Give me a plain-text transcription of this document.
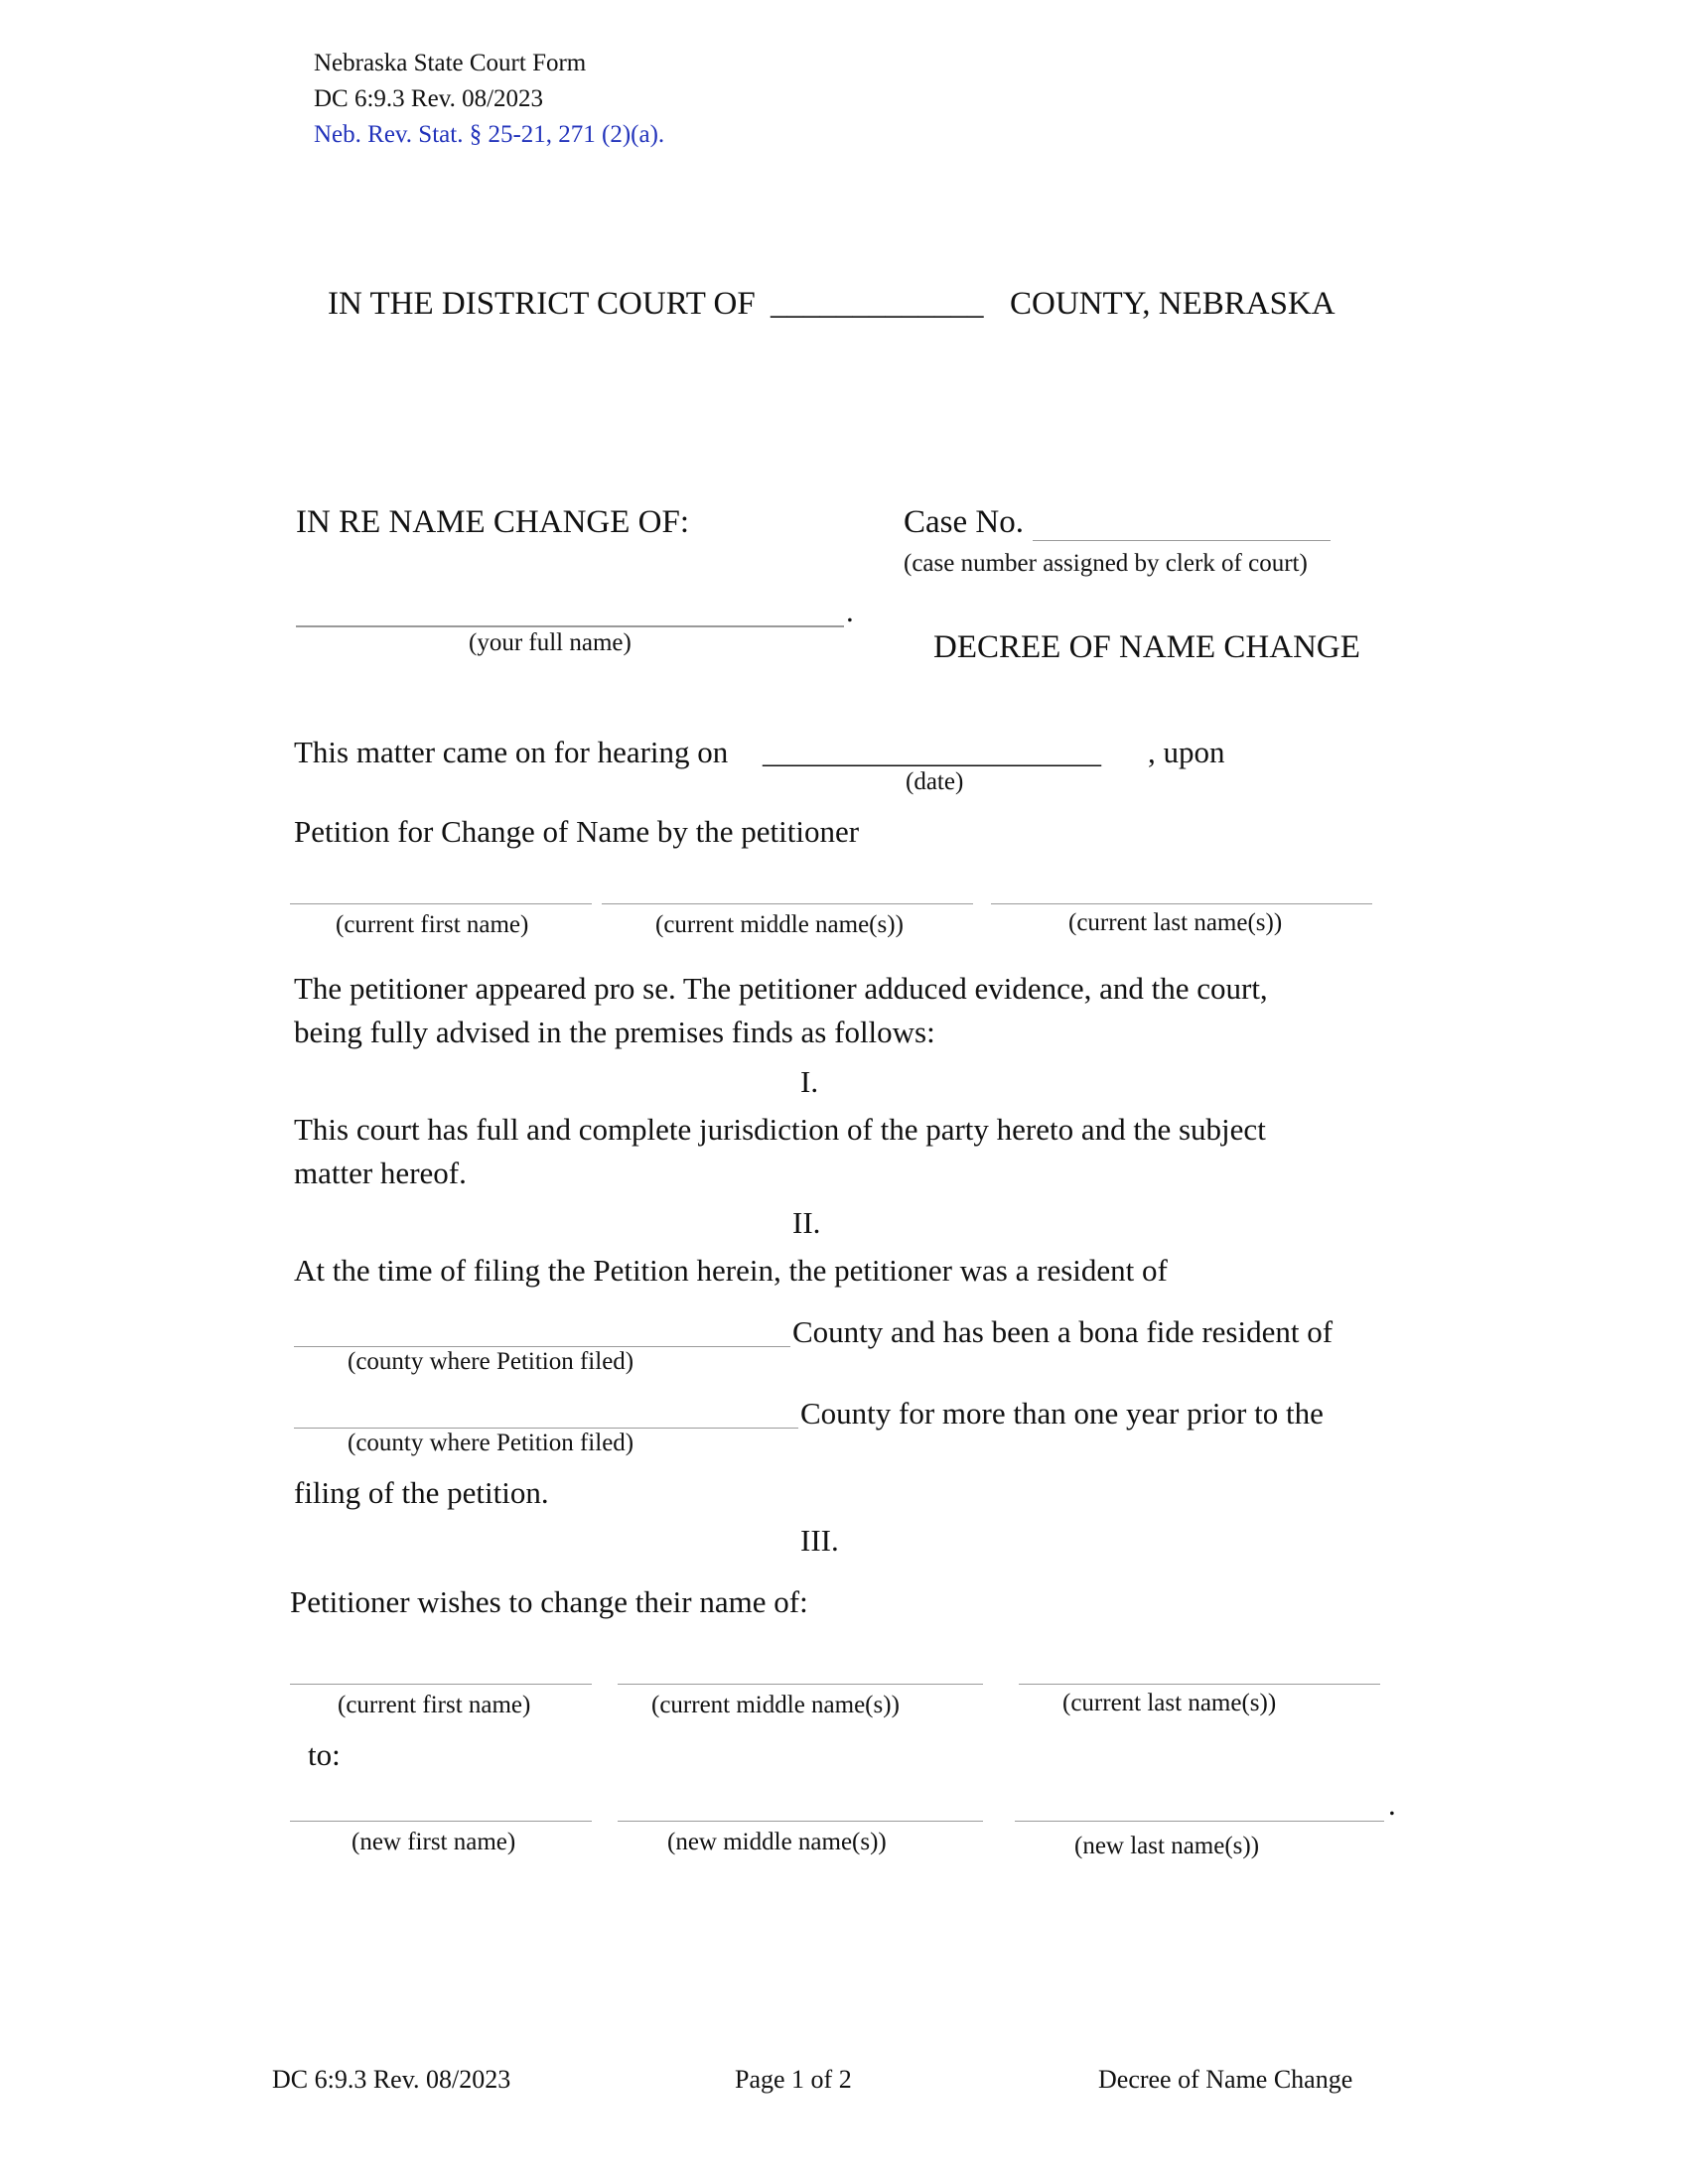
Nebraska State Court Form
DC 6:9.3 Rev. 08/2023
Neb. Rev. Stat. § 25-21, 271 (2)(a).
IN THE DISTRICT COURT OF _____________ COUNTY, NEBRASKA
IN RE NAME CHANGE OF:
.
(your full name)
Case No.
(case number assigned by clerk of court)
DECREE OF NAME CHANGE
This matter came on for hearing on ______________________ , upon
(date)
Petition for Change of Name by the petitioner
(current first name)	(current middle name(s))	(current last name(s))
The petitioner appeared pro se. The petitioner adduced evidence, and the court,
being fully advised in the premises finds as follows:
I.
This court has full and complete jurisdiction of the party hereto and the subject
matter hereof.
II.
At the time of filing the Petition herein, the petitioner was a resident of
County and has been a bona fide resident of
(county where Petition filed)
County for more than one year prior to the
(county where Petition filed)
filing of the petition.
III.
Petitioner wishes to change their name of:
(current first name)	(current middle name(s))	(current last name(s))
to:
.
(new first name)	(new middle name(s))	(new last name(s))
DC 6:9.3 Rev. 08/2023	Page 1 of 2	Decree of Name Change
